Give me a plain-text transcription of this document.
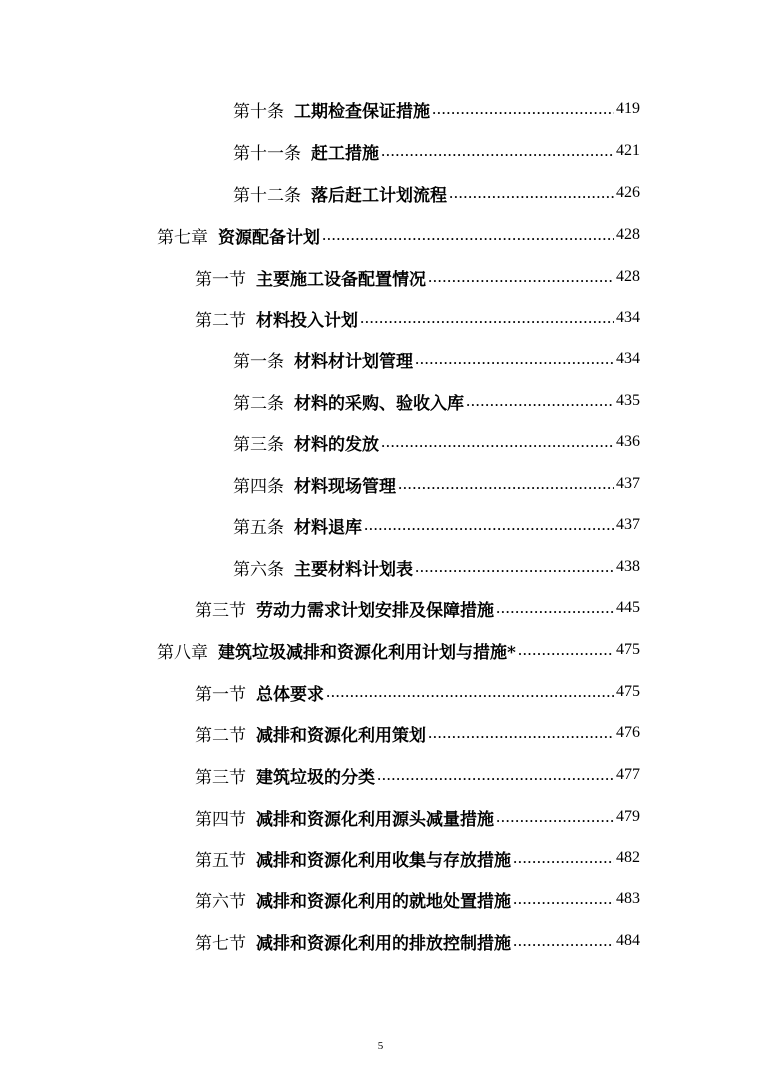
第十条 工期检查保证措施 .....	419
第十一条 赶工措施 .....	421
第十二条 落后赶工计划流程 .....	426
第七章 资源配备计划 .....	428
第一节 主要施工设备配置情况 .....	428
第二节 材料投入计划 .....	434
第一条 材料材计划管理 .....	434
第二条 材料的采购、验收入库 .....	435
第三条 材料的发放 .....	436
第四条 材料现场管理 .....	437
第五条 材料退库 .....	437
第六条 主要材料计划表 .....	438
第三节 劳动力需求计划安排及保障措施 .....	445
第八章 建筑垃圾减排和资源化利用计划与措施* .....	475
第一节 总体要求 .....	475
第二节 减排和资源化利用策划 .....	476
第三节 建筑垃圾的分类 .....	477
第四节 减排和资源化利用源头减量措施 .....	479
第五节 减排和资源化利用收集与存放措施 .....	482
第六节 减排和资源化利用的就地处置措施 .....	483
第七节 减排和资源化利用的排放控制措施 .....	484
5
